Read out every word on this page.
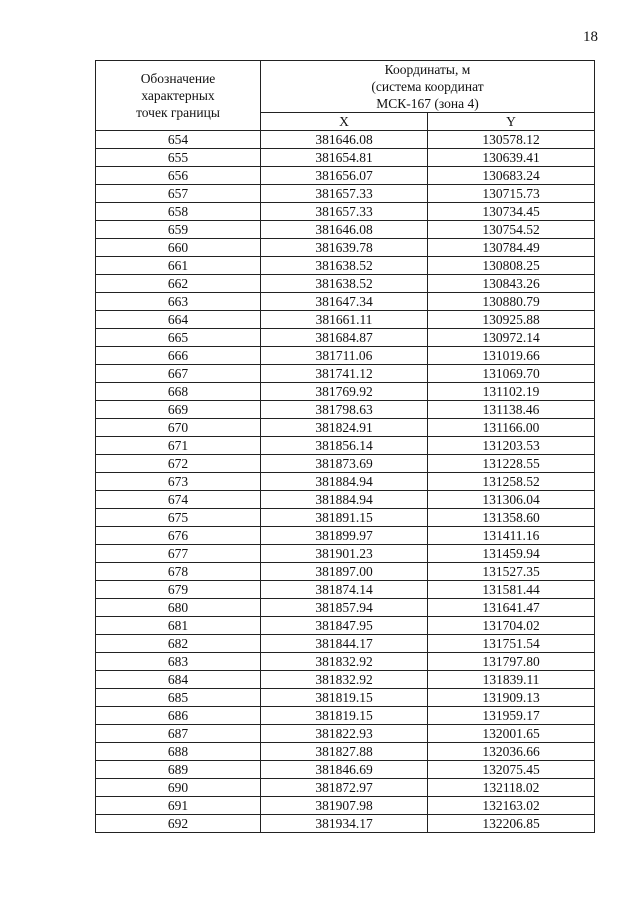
18
Обозначение
характерных
точек границы	Координаты, м
(система координат
МСК-167 (зона 4)	

	X	Y
654	381646.08	130578.12
655	381654.81	130639.41
656	381656.07	130683.24
657	381657.33	130715.73
658	381657.33	130734.45
659	381646.08	130754.52
660	381639.78	130784.49
661	381638.52	130808.25
662	381638.52	130843.26
663	381647.34	130880.79
664	381661.11	130925.88
665	381684.87	130972.14
666	381711.06	131019.66
667	381741.12	131069.70
668	381769.92	131102.19
669	381798.63	131138.46
670	381824.91	131166.00
671	381856.14	131203.53
672	381873.69	131228.55
673	381884.94	131258.52
674	381884.94	131306.04
675	381891.15	131358.60
676	381899.97	131411.16
677	381901.23	131459.94
678	381897.00	131527.35
679	381874.14	131581.44
680	381857.94	131641.47
681	381847.95	131704.02
682	381844.17	131751.54
683	381832.92	131797.80
684	381832.92	131839.11
685	381819.15	131909.13
686	381819.15	131959.17
687	381822.93	132001.65
688	381827.88	132036.66
689	381846.69	132075.45
690	381872.97	132118.02
691	381907.98	132163.02
692	381934.17	132206.85
